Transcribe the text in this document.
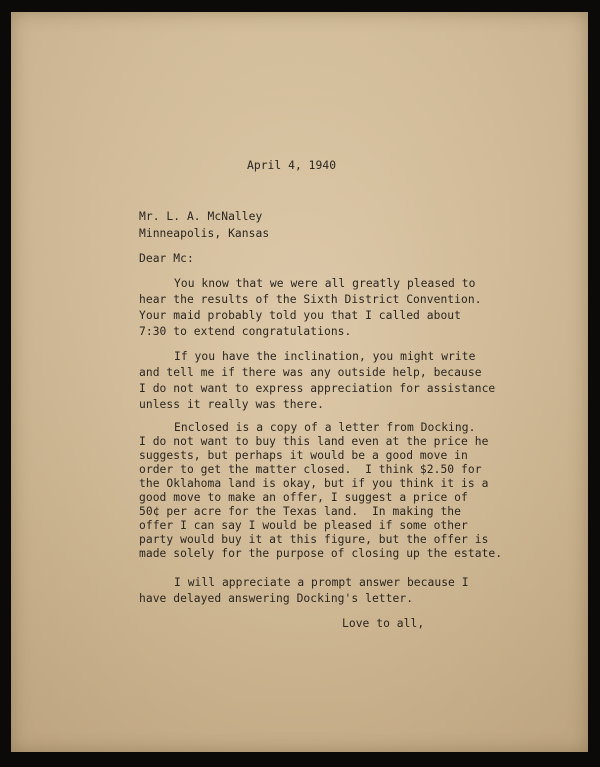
April 4, 1940

Mr. L. A. McNalley

Minneapolis, Kansas

Dear Mc:

You know that we were all greatly pleased to

hear the results of the Sixth District Convention.

Your maid probably told you that I called about

7:30 to extend congratulations.

If you have the inclination, you might write

and tell me if there was any outside help, because

I do not want to express appreciation for assistance

unless it really was there.

Enclosed is a copy of a letter from Docking.

I do not want to buy this land even at the price he

suggests, but perhaps it would be a good move in

order to get the matter closed.  I think $2.50 for

the Oklahoma land is okay, but if you think it is a

good move to make an offer, I suggest a price of

50¢ per acre for the Texas land.  In making the

offer I can say I would be pleased if some other

party would buy it at this figure, but the offer is

made solely for the purpose of closing up the estate.

I will appreciate a prompt answer because I

have delayed answering Docking's letter.

Love to all,
